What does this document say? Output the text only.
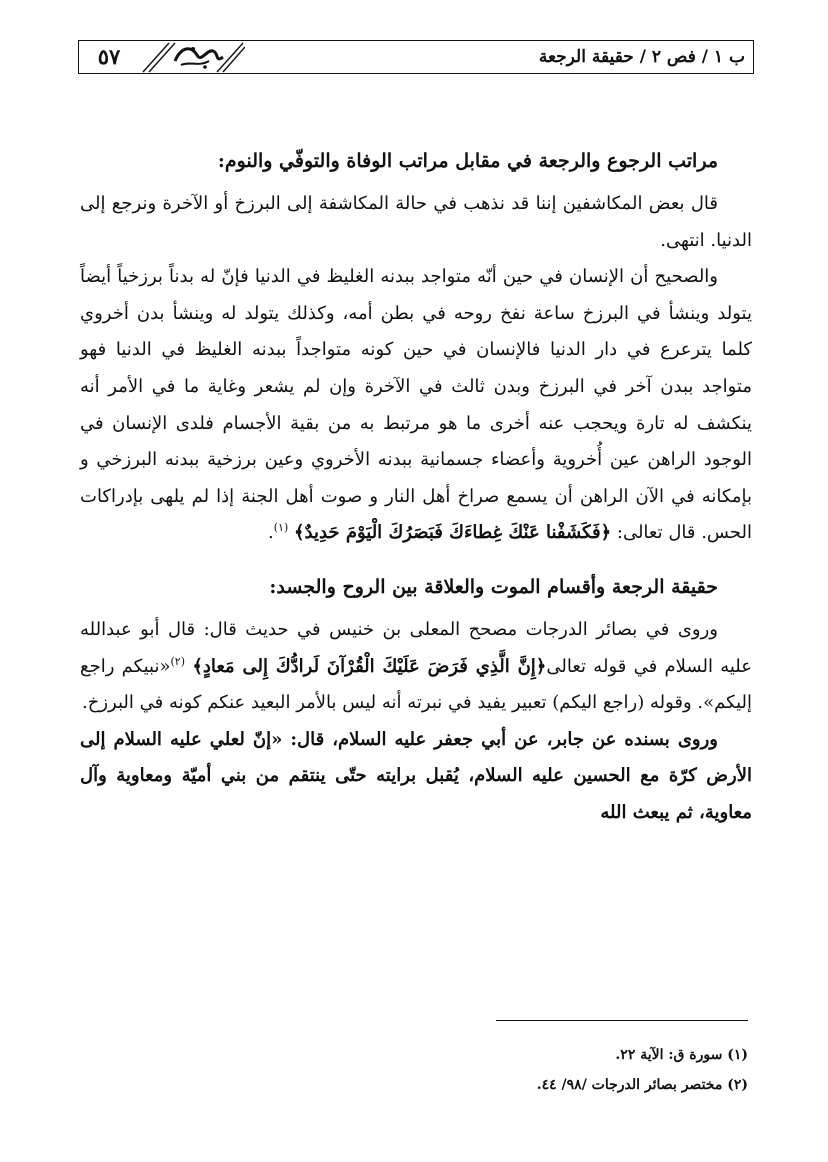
٥٧	ب ١ / فص ٢ / حقيقة الرجعة
مراتب الرجوع والرجعة في مقابل مراتب الوفاة والتوفّي والنوم:

قال بعض المكاشفين إننا قد نذهب في حالة المكاشفة إلى البرزخ أو الآخرة ونرجع إلى الدنيا. انتهى.

والصحيح أن الإنسان في حين أنّه متواجد ببدنه الغليظ في الدنيا فإنّ له بدناً برزخياً أيضاً يتولد وينشأ في البرزخ ساعة نفخ روحه في بطن أمه، وكذلك يتولد له وينشأ بدن أخروي كلما يترعرع في دار الدنيا فالإنسان في حين كونه متواجداً ببدنه الغليظ في الدنيا فهو متواجد ببدن آخر في البرزخ وبدن ثالث في الآخرة وإن لم يشعر وغاية ما في الأمر أنه ينكشف له تارة ويحجب عنه أخرى ما هو مرتبط به من بقية الأجسام فلدى الإنسان في الوجود الراهن عين أُخروية وأعضاء جسمانية ببدنه الأخروي وعين برزخية ببدنه البرزخي و بإمكانه في الآن الراهن أن يسمع صراخ أهل النار و صوت أهل الجنة إذا لم يلهى بإدراكات الحس. قال تعالى: ﴿فَكَشَفْنا عَنْكَ غِطاءَكَ فَبَصَرُكَ الْيَوْمَ حَدِيدٌ﴾ $^{(١)}$.

حقيقة الرجعة وأقسام الموت والعلاقة بين الروح والجسد:

وروى في بصائر الدرجات مصحح المعلى بن خنيس في حديث قال: قال أبو عبدالله عليه السلام في قوله تعالى﴿إِنَّ الَّذِي فَرَضَ عَلَيْكَ الْقُرْآنَ لَرادُّكَ إِلى مَعادٍ﴾ $^{(٢)}$«نبيكم راجع إليكم». وقوله (راجع اليكم) تعبير يفيد في نبرته أنه ليس بالأمر البعيد عنكم كونه في البرزخ.

وروى بسنده عن جابر، عن أبي جعفر عليه السلام، قال: «إنّ لعلي عليه السلام إلى الأرض كرّة مع الحسين عليه السلام، يُقبل برايته حتّى ينتقم من بني أميّة ومعاوية وآل معاوية، ثم يبعث الله

(١) سورة ق: الآية ٢٢.
(٢) مختصر بصائر الدرجات /٩٨/ ٤٤.
